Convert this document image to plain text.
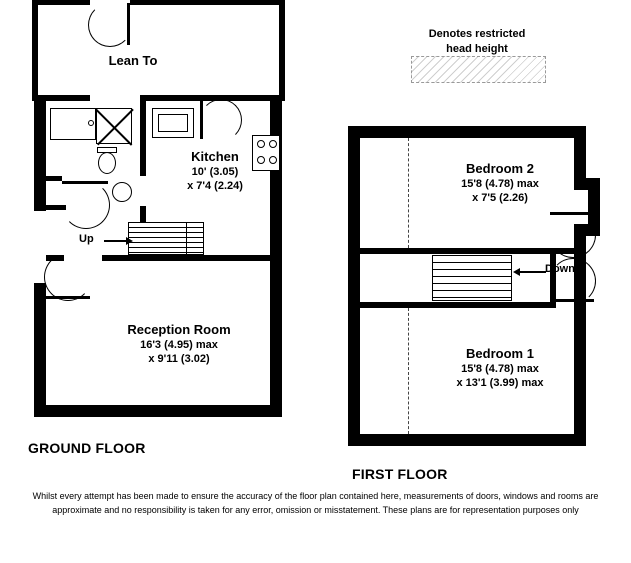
Denotes restricted
head height
Up
Lean To
Kitchen
10' (3.05)
x 7'4 (2.24)
Reception Room
16'3 (4.95) max
x 9'11 (3.02)
GROUND FLOOR
Down
Bedroom 2
15'8 (4.78) max
x 7'5 (2.26)
Bedroom 1
15'8 (4.78) max
x 13'1 (3.99) max
FIRST FLOOR
Whilst every attempt has been made to ensure the accuracy of the floor plan contained here, measurements of doors, windows and rooms are approximate and no responsibility is taken for any error, omission or misstatement. These plans are for representation purposes only
